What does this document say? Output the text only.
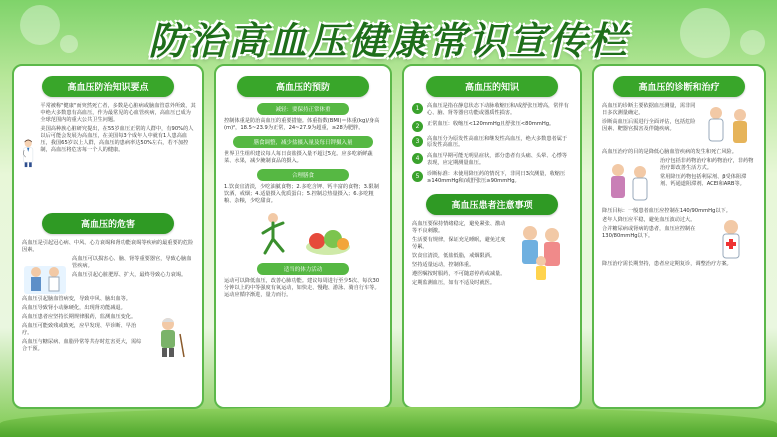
防治高血压健康常识宣传栏
高血压防治知识要点

平常被称"健康"而突然死亡者，多数是心脏病或脑血管意外所致，其中绝大多数患有高血压，作为最常见的心血管疾病，高血压已成为全球范围内的重大公共卫生问题。

美国高种族心脏研究提出，在55岁血压正常的人群中，有90%的人以后可能会发展为高血压，在美国每3个成年人中就有1人患高血压，我国65岁以上人群，高血压的患病率达50%左右，若不加控制，高血压将危害每一个人的健康。

高血压的危害

高血压是引起冠心病、中风、心力衰竭和肾功能衰竭等疾病的最重要的危险因素。

高血压可以损害心、脑、肾等重要器官，导致心脑血管疾病。

高血压引起心脏肥厚、扩大，最终导致心力衰竭。

高血压引起脑血管病变，导致中风、脑出血等。

高血压导致肾小动脉硬化，出现肾功能减退。

高血压患者应坚持长期规律服药，监测血压变化。

高血压可能致残或致死，应早发现、早诊断、早治疗。

高血压与糖尿病、血脂异常等共存时危害更大，需综合干预。

高血压的预防
减轻：要保持正常体重
控制体重是防治高血压的重要措施。体重指数(BMI)＝体重(kg)/身高(m)²，18.5~23.9为正常，24~27.9为超重，≥28为肥胖。
膳食调整，减少盐摄入量及每日钾摄入量
世界卫生组织建议每人每日食盐摄入量不超过5克。应多吃新鲜蔬菜、水果，减少腌制食品的摄入。
合理膳食
1.饮食宜清淡，少吃油腻食物；2.多吃含钾、钙丰富的食物；3.限制饮酒，戒烟；4.适量摄入优质蛋白；5.控制总热量摄入；6.多吃粗粮、杂粮，少吃甜食。
适当的体力活动
运动可以降低血压，改善心肺功能。建议每周进行至少5次、每次30分钟以上的中等强度有氧运动，如快走、慢跑、游泳、骑自行车等。运动应循序渐进，量力而行。
高血压的知识
1	高血压是指在静息状态下动脉收缩压和/或舒张压增高，常伴有心、脑、肾等器官功能或器质性损害。
2	正常血压：收缩压<120mmHg且舒张压<80mmHg。
3	高血压分为原发性高血压和继发性高血压，绝大多数患者属于原发性高血压。
4	高血压早期可能无明显症状，部分患者有头痛、头晕、心悸等表现，应定期测量血压。
5	诊断标准：未使用降压药的情况下，非同日3次测量，收缩压≥140mmHg和/或舒张压≥90mmHg。
高血压患者注意事项

高血压要保持情绪稳定，避免紧张、激动等不良刺激。

生活要有规律，保证充足睡眠，避免过度劳累。

饮食宜清淡，低盐低脂，戒烟限酒。

坚持适量运动，控制体重。

遵医嘱按时服药，不可随意停药或减量。

定期监测血压，如有不适及时就医。

高血压的诊断和治疗

高血压的诊断主要依据血压测量，需非同日多次测量确定。

诊断高血压后需进行全面评估，包括危险因素、靶器官损害及伴随疾病。

高血压治疗的目的是降低心脑血管疾病的发生和死亡风险。

治疗包括非药物治疗和药物治疗，非药物治疗即改善生活方式。

常用降压药物包括利尿剂、β受体阻滞剂、钙通道阻滞剂、ACEI和ARB等。

降压目标：一般患者血压应控制在140/90mmHg以下。

老年人降压应平稳，避免血压波动过大。

合并糖尿病或肾病的患者，血压应控制在130/80mmHg以下。

降压治疗需长期坚持，患者应定期复诊，调整治疗方案。
